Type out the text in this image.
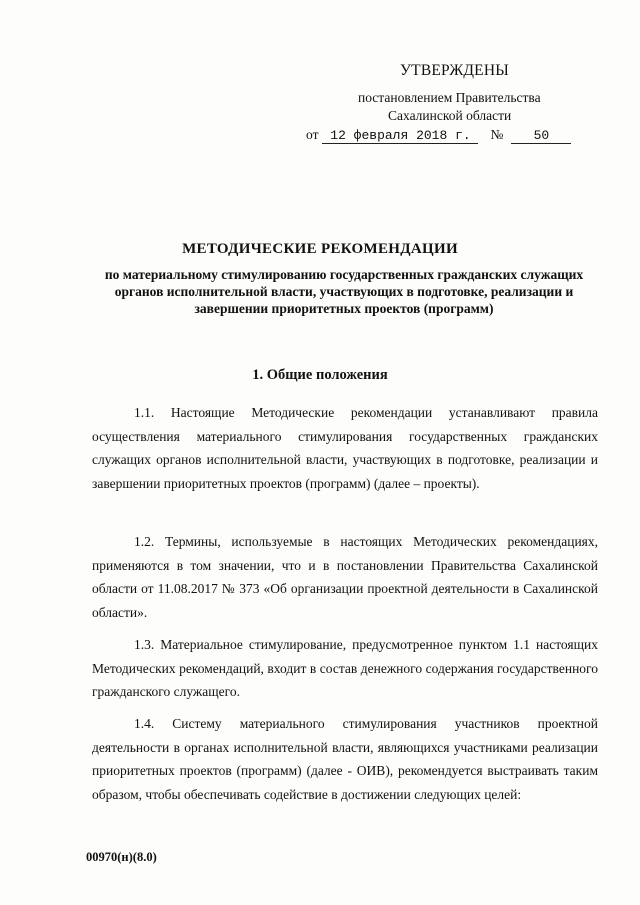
УТВЕРЖДЕНЫ
постановлением Правительства
Сахалинской области
от 12 февраля 2018 г. № 50
МЕТОДИЧЕСКИЕ РЕКОМЕНДАЦИИ
по материальному стимулированию государственных гражданских служащих органов исполнительной власти, участвующих в подготовке, реализации и завершении приоритетных проектов (программ)
1. Общие положения
1.1. Настоящие Методические рекомендации устанавливают правила осуществления материального стимулирования государственных гражданских служащих органов исполнительной власти, участвующих в подготовке, реализации и завершении приоритетных проектов (программ) (далее – проекты).
1.2. Термины, используемые в настоящих Методических рекомендациях, применяются в том значении, что и в постановлении Правительства Сахалинской области от 11.08.2017 № 373 «Об организации проектной деятельности в Сахалинской области».
1.3. Материальное стимулирование, предусмотренное пунктом 1.1 настоящих Методических рекомендаций, входит в состав денежного содержания государственного гражданского служащего.
1.4. Систему материального стимулирования участников проектной деятельности в органах исполнительной власти, являющихся участниками реализации приоритетных проектов (программ) (далее - ОИВ), рекомендуется выстраивать таким образом, чтобы обеспечивать содействие в достижении следующих целей:
00970(н)(8.0)
